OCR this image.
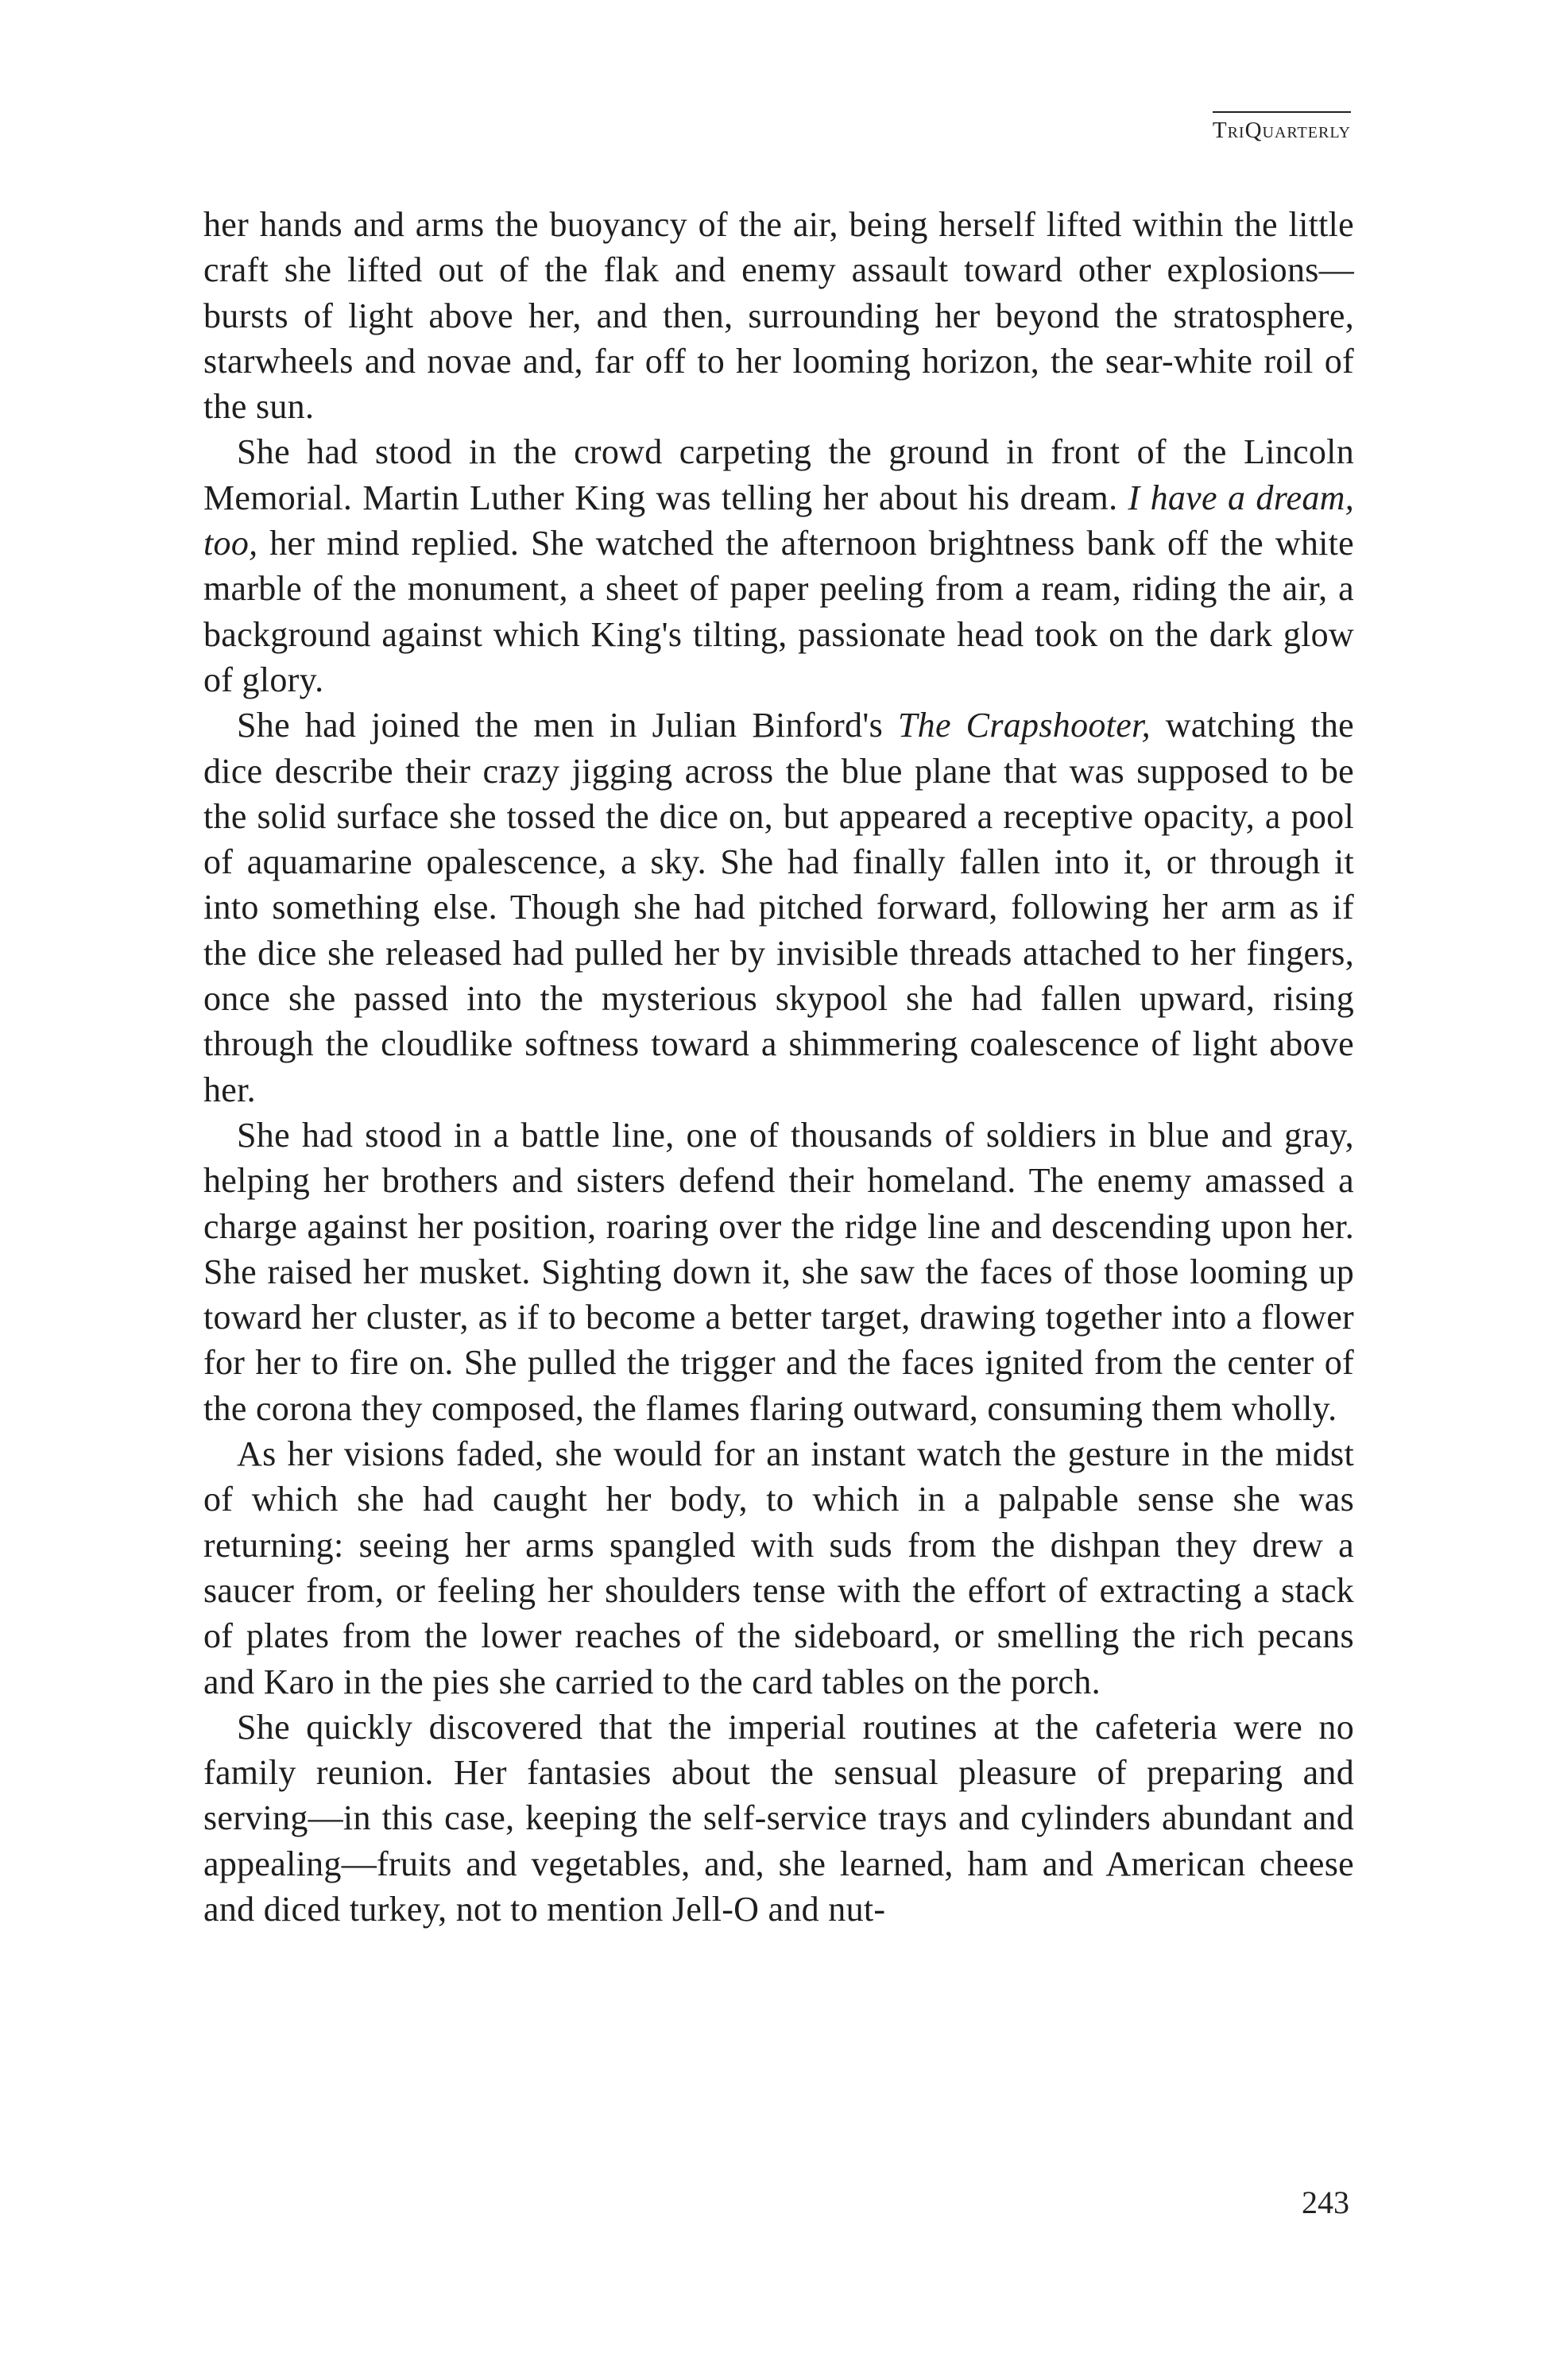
TriQuarterly

her hands and arms the buoyancy of the air, being herself lifted within the little craft she lifted out of the flak and enemy assault toward other explosions—bursts of light above her, and then, surrounding her beyond the stratosphere, starwheels and novae and, far off to her looming horizon, the sear-white roil of the sun.

She had stood in the crowd carpeting the ground in front of the Lincoln Memorial. Martin Luther King was telling her about his dream. I have a dream, too, her mind replied. She watched the afternoon brightness bank off the white marble of the monument, a sheet of paper peeling from a ream, riding the air, a background against which King's tilting, passionate head took on the dark glow of glory.

She had joined the men in Julian Binford's The Crapshooter, watching the dice describe their crazy jigging across the blue plane that was supposed to be the solid surface she tossed the dice on, but appeared a receptive opacity, a pool of aquamarine opalescence, a sky. She had finally fallen into it, or through it into something else. Though she had pitched forward, following her arm as if the dice she released had pulled her by invisible threads attached to her fingers, once she passed into the mysterious skypool she had fallen upward, rising through the cloudlike softness toward a shimmering coalescence of light above her.

She had stood in a battle line, one of thousands of soldiers in blue and gray, helping her brothers and sisters defend their homeland. The enemy amassed a charge against her position, roaring over the ridge line and descending upon her. She raised her musket. Sighting down it, she saw the faces of those looming up toward her cluster, as if to become a better target, drawing together into a flower for her to fire on. She pulled the trigger and the faces ignited from the center of the corona they composed, the flames flaring outward, consuming them wholly.

As her visions faded, she would for an instant watch the gesture in the midst of which she had caught her body, to which in a palpable sense she was returning: seeing her arms spangled with suds from the dishpan they drew a saucer from, or feeling her shoulders tense with the effort of extracting a stack of plates from the lower reaches of the sideboard, or smelling the rich pecans and Karo in the pies she carried to the card tables on the porch.

She quickly discovered that the imperial routines at the cafeteria were no family reunion. Her fantasies about the sensual pleasure of preparing and serving—in this case, keeping the self-service trays and cylinders abundant and appealing—fruits and vegetables, and, she learned, ham and American cheese and diced turkey, not to mention Jell-O and nut-

243
